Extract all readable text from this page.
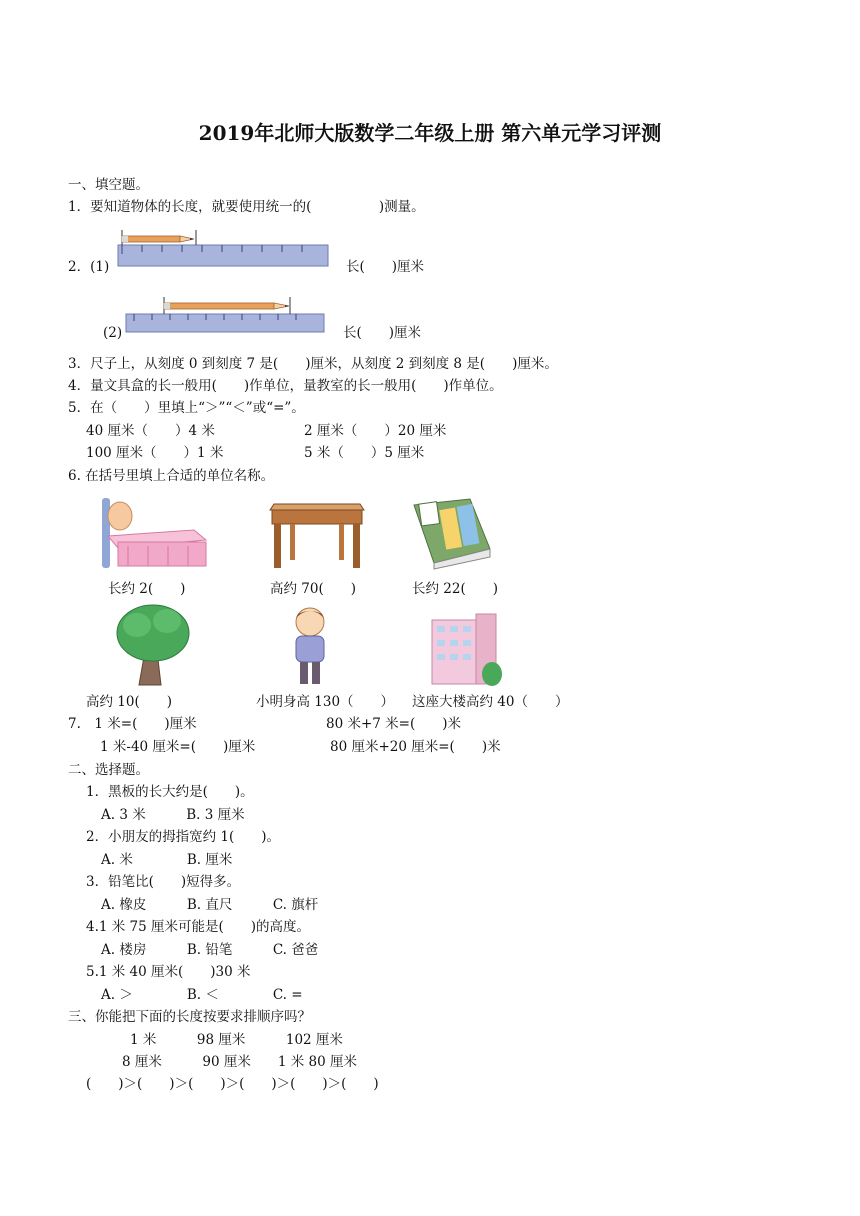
2019年北师大版数学二年级上册 第六单元学习评测
一、填空题。
1．要知道物体的长度，就要使用统一的(　　　　　)测量。
2．(1)	长(　　)厘米
(2)	长(　　)厘米
3．尺子上，从刻度 0 到刻度 7 是(　　)厘米，从刻度 2 到刻度 8 是(　　)厘米。
4．量文具盒的长一般用(　　)作单位，量教室的长一般用(　　)作单位。
5．在（　　）里填上“＞”“＜”或“=”。
40 厘米（　　）4 米	2 厘米（　　）20 厘米
100 厘米（　　）1 米	5 米（　　）5 厘米
6. 在括号里填上合适的单位名称。
长约 2(　　)	高约 70(　　)	长约 22(　　)
高约 10(　　)	小明身高 130（　　） 这座大楼高约 40（　　）
7.　1 米=(　　)厘米	80 米+7 米=(　　)米
1 米-40 厘米=(　　)厘米	80 厘米+20 厘米=(　　)米
二、选择题。
1．黑板的长大约是(　　)。
A. 3 米　　　B. 3 厘米
2．小朋友的拇指宽约 1(　　)。
A. 米　　　　B. 厘米
3．铅笔比(　　)短得多。
A. 橡皮　　　B. 直尺　　　C. 旗杆
4.1 米 75 厘米可能是(　　)的高度。
A. 楼房　　　B. 铅笔　　　C. 爸爸
5.1 米 40 厘米(　　)30 米
A. ＞　　　　B. ＜　　　　C. =
三、你能把下面的长度按要求排顺序吗？
1 米　　　98 厘米　　　102 厘米
8 厘米　　　90 厘米　　1 米 80 厘米
(　　)＞(　　)＞(　　)＞(　　)＞(　　)＞(　　)
